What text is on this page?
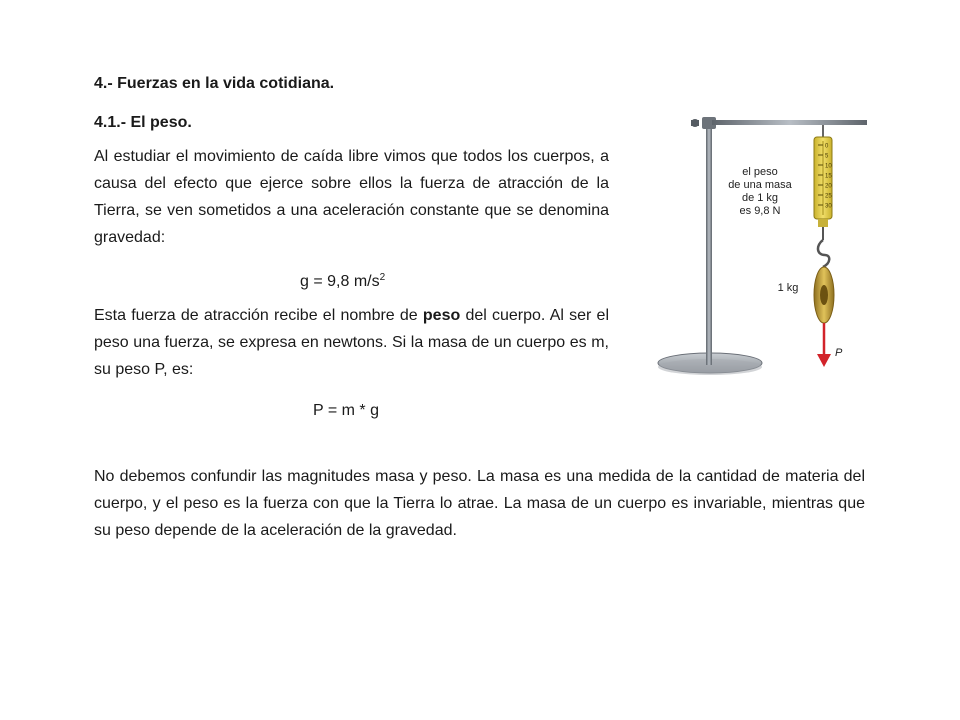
4.- Fuerzas en la vida cotidiana.
4.1.- El peso.
Al estudiar el movimiento de caída libre vimos que todos los cuerpos, a causa del efecto que ejerce sobre ellos la fuerza de atracción de la Tierra, se ven sometidos a una aceleración constante que se denomina gravedad:
g = 9,8 $m/s^2$
Esta fuerza de atracción recibe el nombre de peso del cuerpo. Al ser el peso una fuerza, se expresa en newtons. Si la masa de un cuerpo es m, su peso P, es:
P = m * g
No debemos confundir las magnitudes masa y peso. La masa es una medida de la cantidad de materia del cuerpo, y el peso es la fuerza con que la Tierra lo atrae. La masa de un cuerpo es invariable, mientras que su peso depende de la aceleración de la gravedad.
0
5
10
15
20
25
30
el peso
de una masa
de 1 kg
es 9,8 N
1 kg
P
